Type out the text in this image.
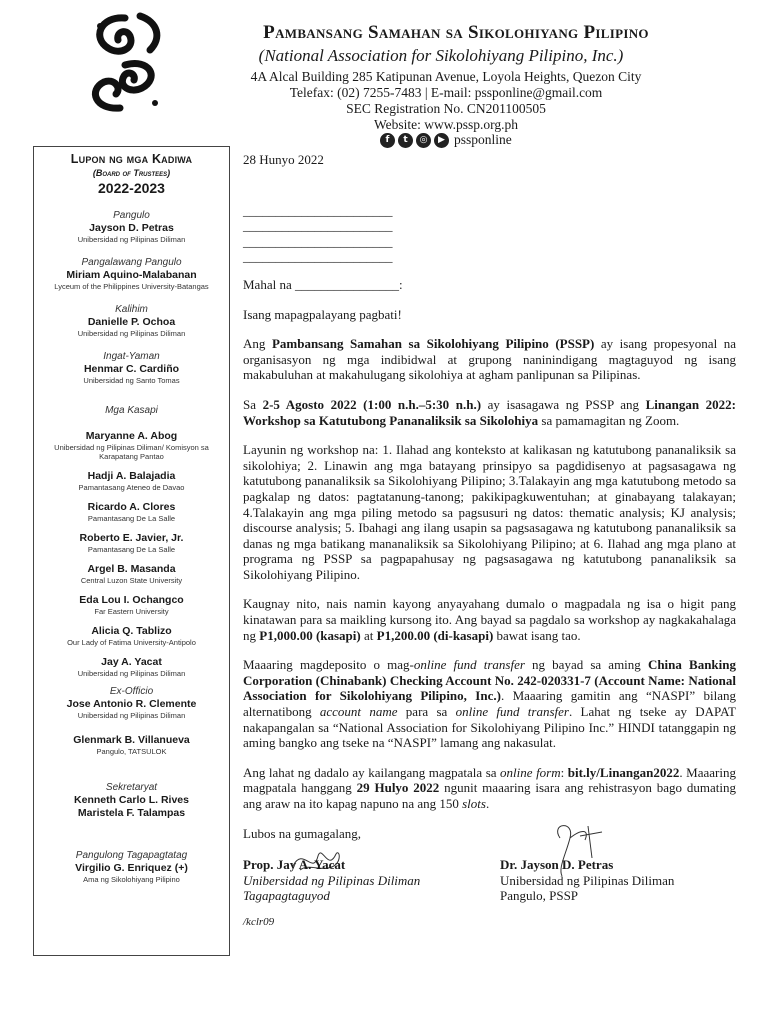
Pambansang Samahan sa Sikolohiyang Pilipino
(National Association for Sikolohiyang Pilipino, Inc.)
4A Alcal Building 285 Katipunan Avenue, Loyola Heights, Quezon City
Telefax: (02) 7255-7483 | E-mail: pssponline@gmail.com
SEC Registration No. CN201100505
Website: www.pssp.org.ph
f	t	◎	▶ pssponline
Lupon ng mga Kadiwa
(Board of Trustees)
2022-2023
Pangulo
Jayson D. Petras
Unibersidad ng Pilipinas Diliman
Pangalawang Pangulo
Miriam Aquino-Malabanan
Lyceum of the Philippines University-Batangas
Kalihim
Danielle P. Ochoa
Unibersidad ng Pilipinas Diliman
Ingat-Yaman
Henmar C. Cardiño
Unibersidad ng Santo Tomas
Mga Kasapi
Maryanne A. Abog
Unibersidad ng Pilipinas Diliman/ Komisyon sa Karapatang Pantao
Hadji A. Balajadia
Pamantasang Ateneo de Davao
Ricardo A. Clores
Pamantasang De La Salle
Roberto E. Javier, Jr.
Pamantasang De La Salle
Argel B. Masanda
Central Luzon State University
Eda Lou I. Ochangco
Far Eastern University
Alicia Q. Tablizo
Our Lady of Fatima University-Antipolo
Jay A. Yacat
Unibersidad ng Pilipinas Diliman
Ex-Officio
Jose Antonio R. Clemente
Unibersidad ng Pilipinas Diliman
Glenmark B. Villanueva
Pangulo, TATSULOK
Sekretaryat
Kenneth Carlo L. Rives
Maristela F. Talampas
Pangulong Tagapagtatag
Virgilio G. Enriquez (+)
Ama ng Sikolohiyang Pilipino

28 Hunyo 2022

_______________________
_______________________
_______________________
_______________________

Mahal na ________________:

Isang mapagpalayang pagbati!

Ang Pambansang Samahan sa Sikolohiyang Pilipino (PSSP) ay isang propesyonal na organisasyon ng mga indibidwal at grupong naninindigang magtaguyod ng isang makabuluhan at makahulugang sikolohiya at agham panlipunan sa Pilipinas.

Sa 2-5 Agosto 2022 (1:00 n.h.–5:30 n.h.) ay isasagawa ng PSSP ang Linangan 2022: Workshop sa Katutubong Pananaliksik sa Sikolohiya sa pamamagitan ng Zoom.

Layunin ng workshop na: 1. Ilahad ang konteksto at kalikasan ng katutubong pananaliksik sa sikolohiya; 2. Linawin ang mga batayang prinsipyo sa pagdidisenyo at pagsasagawa ng katutubong pananaliksik sa Sikolohiyang Pilipino; 3.Talakayin ang mga katutubong metodo sa pagkalap ng datos: pagtatanung-tanong; pakikipagkuwentuhan; at ginabayang talakayan; 4.Talakayin ang mga piling metodo sa pagsusuri ng datos: thematic analysis; KJ analysis; discourse analysis; 5. Ibahagi ang ilang usapin sa pagsasagawa ng katutubong pananaliksik sa danas ng mga batikang mananaliksik sa Sikolohiyang Pilipino; at 6. Ilahad ang mga plano at programa ng PSSP sa pagpapahusay ng pagsasagawa ng katutubong pananaliksik sa Sikolohiyang Pilipino.

Kaugnay nito, nais namin kayong anyayahang dumalo o magpadala ng isa o higit pang kinatawan para sa maikling kursong ito. Ang bayad sa pagdalo sa workshop ay nagkakahalaga ng P1,000.00 (kasapi) at P1,200.00 (di-kasapi) bawat isang tao.

Maaaring magdeposito o mag-online fund transfer ng bayad sa aming China Banking Corporation (Chinabank) Checking Account No. 242-020331-7 (Account Name: National Association for Sikolohiyang Pilipino, Inc.). Maaaring gamitin ang “NASPI” bilang alternatibong account name para sa online fund transfer. Lahat ng tseke ay DAPAT nakapangalan sa “National Association for Sikolohiyang Pilipino Inc.” HINDI tatanggapin ng aming bangko ang tseke na “NASPI” lamang ang nakasulat.

Ang lahat ng dadalo ay kailangang magpatala sa online form: bit.ly/Linangan2022. Maaaring magpatala hanggang 29 Hulyo 2022 ngunit maaaring isara ang rehistrasyon bago dumating ang araw na ito kapag napuno na ang 150 slots.

Lubos na gumagalang,

Prop. Jay A. Yacat
Unibersidad ng Pilipinas Diliman
Tagapagtaguyod
Dr. Jayson D. Petras
Unibersidad ng Pilipinas Diliman
Pangulo, PSSP
/kclr09
